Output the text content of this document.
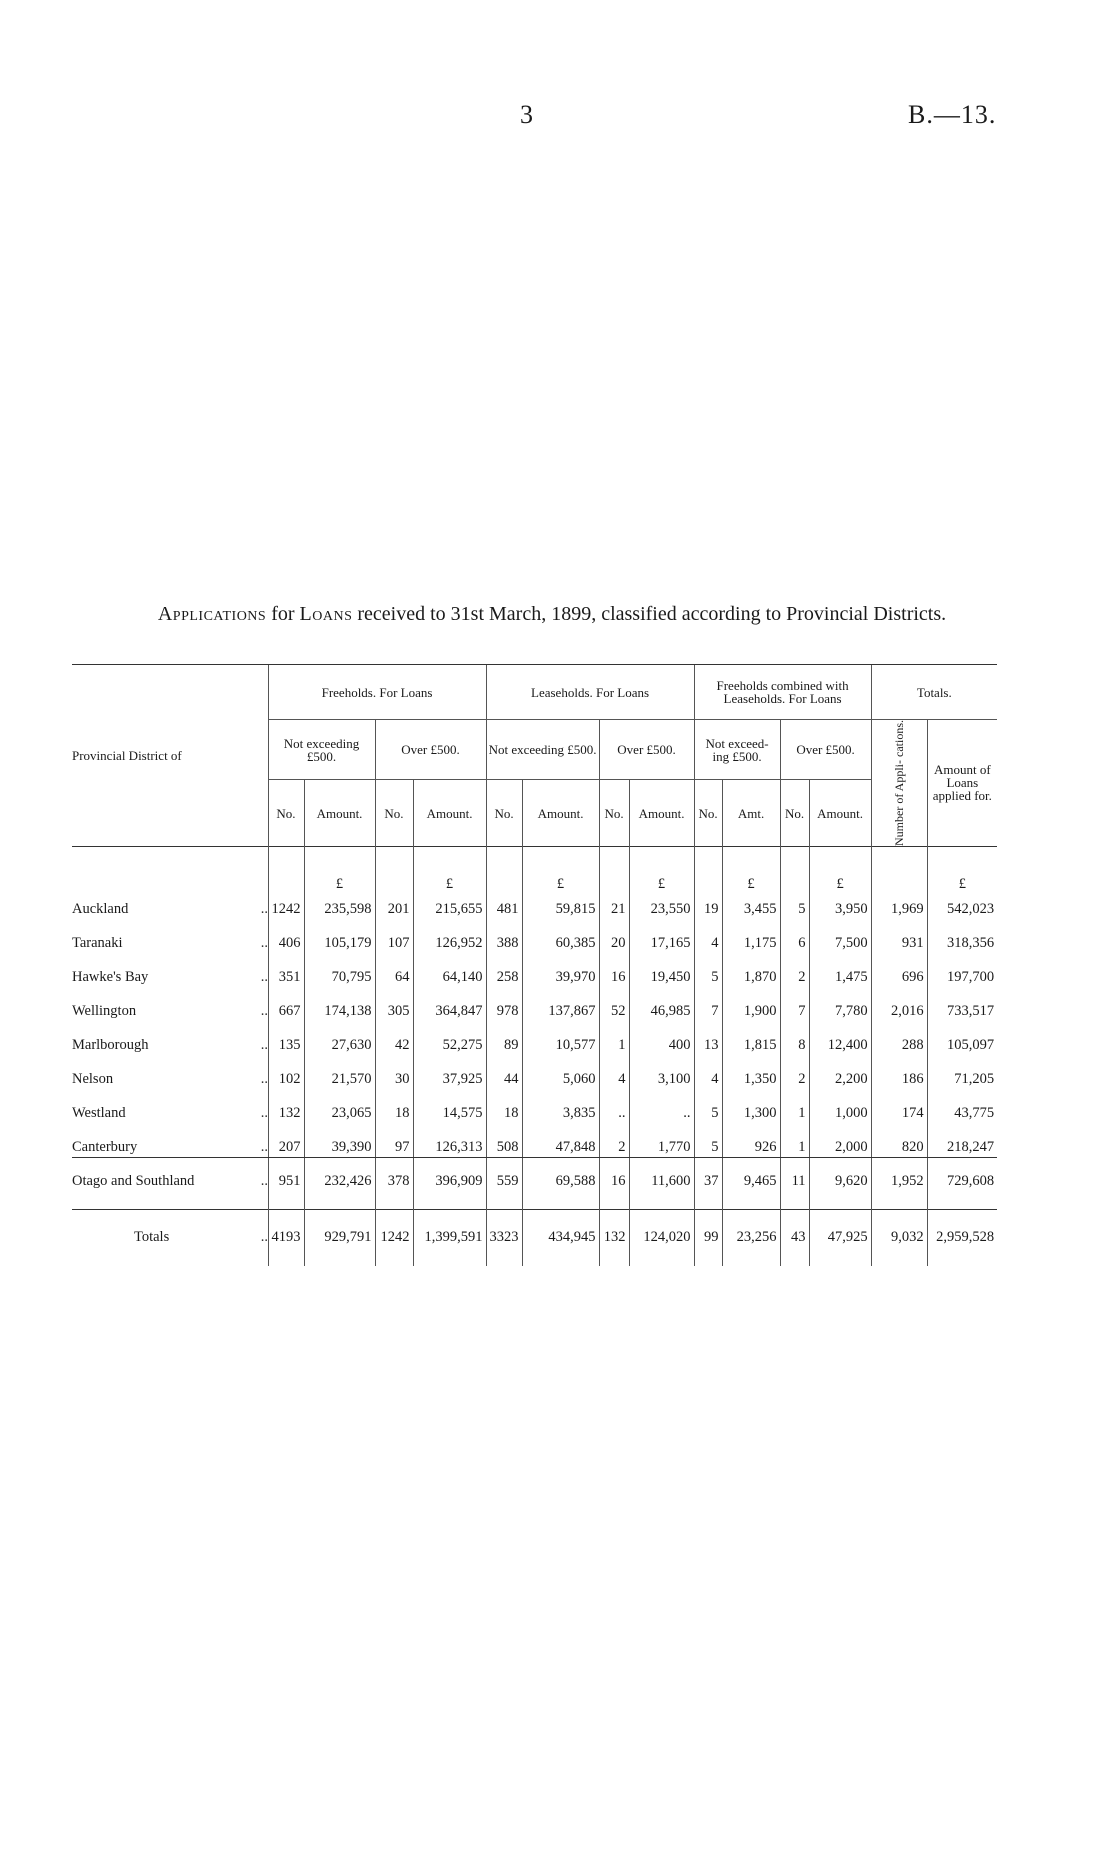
3	B.—13.
Applications for Loans received to 31st March, 1899, classified according to Provincial Districts.
Provincial District of	Freeholds. For Loans				Leaseholds. For Loans				Freeholds combined with Leaseholds. For Loans				Totals.	
	Not exceeding £500.		Over £500.		Not exceeding £500.		Over £500.		Not exceed- ing £500.		Over £500.		Number of Appli- cations.	Amount of Loans applied for.
	No.	Amount.	No.	Amount.	No.	Amount.	No.	Amount.	No.	Amt.	No.	Amount.		
		£		£		£		£		£		£		£

Auckland ..	1242	235,598	201	215,655	481	59,815	21	23,550	19	3,455	5	3,950	1,969	542,023

Taranaki ..	406	105,179	107	126,952	388	60,385	20	17,165	4	1,175	6	7,500	931	318,356

Hawke's Bay ..	351	70,795	64	64,140	258	39,970	16	19,450	5	1,870	2	1,475	696	197,700

Wellington ..	667	174,138	305	364,847	978	137,867	52	46,985	7	1,900	7	7,780	2,016	733,517

Marlborough ..	135	27,630	42	52,275	89	10,577	1	400	13	1,815	8	12,400	288	105,097

Nelson ..	102	21,570	30	37,925	44	5,060	4	3,100	4	1,350	2	2,200	186	71,205

Westland ..	132	23,065	18	14,575	18	3,835	..	..	5	1,300	1	1,000	174	43,775

Canterbury ..	207	39,390	97	126,313	508	47,848	2	1,770	5	926	1	2,000	820	218,247

Otago and Southland ..	951	232,426	378	396,909	559	69,588	16	11,600	37	9,465	11	9,620	1,952	729,608

Totals ..	4193	929,791	1242	1,399,591	3323	434,945	132	124,020	99	23,256	43	47,925	9,032	2,959,528
